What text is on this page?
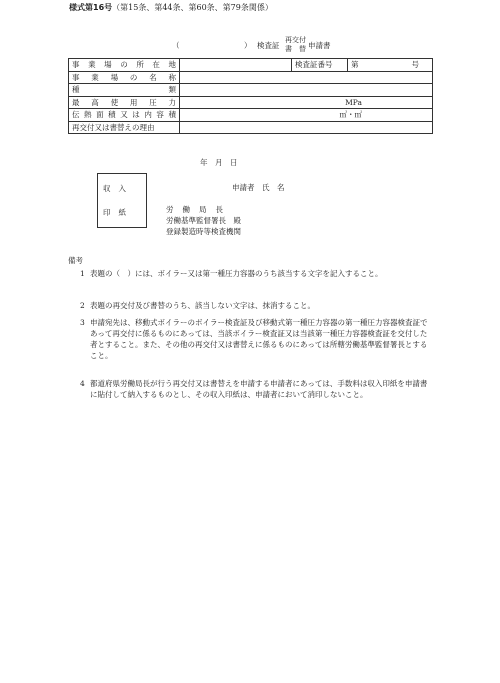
様式第16号（第15条、第44条、第60条、第79条関係）
（	） 検査証
再交付
書　替 申請書
事業場の所在地		検査証番号	第 号

事業場の名称			
種類			
最高使用圧力	MPa		
伝熱面積又は内容積	㎥・㎡		
再交付又は書替えの理由			
年　月　日
収入
印紙
申請者　氏　名
労働局長
労働基準監督署長　殿
登録製造時等検査機関
備考
1 表題の（　）には、ボイラー又は第一種圧力容器のうち該当する文字を記入すること。
2 表題の再交付及び書替のうち、該当しない文字は、抹消すること。
3 申請宛先は、移動式ボイラーのボイラー検査証及び移動式第一種圧力容器の第一種圧力容器検査証であって再交付に係るものにあっては、当該ボイラー検査証又は当該第一種圧力容器検査証を交付した者とすること。また、その他の再交付又は書替えに係るものにあっては所轄労働基準監督署長とすること。
4 都道府県労働局長が行う再交付又は書替えを申請する申請者にあっては、手数料は収入印紙を申請書に貼付して納入するものとし、その収入印紙は、申請者において消印しないこと。
